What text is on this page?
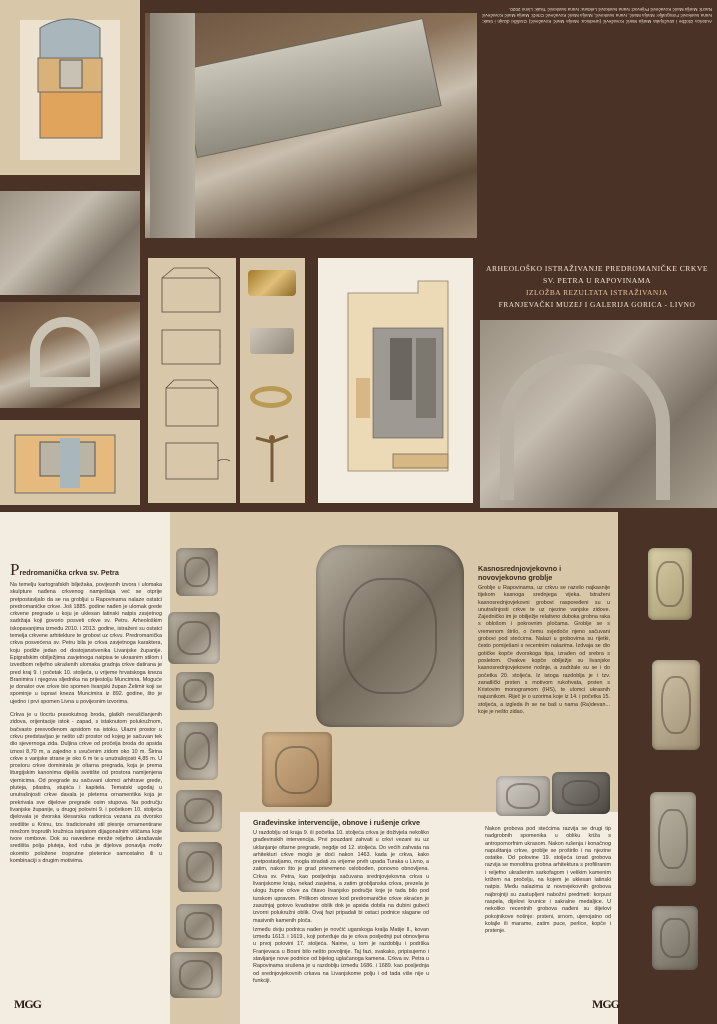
Autorica izložbe i stručnjaka Marija Marić Kovačević (urednica: Marija Marić Kovačević) Grafički dizajn i tisak: Ivana Ivanković Fotografije: Marija Marić, Ivana Ivanković, Marija Marić Kovačević Crteži: Marija Marić Kovačević Nacrti: Marija Marić Kovačević Prijevod: Ivana Ivanković Lektura: Ivana Ivanković Tisak: Livno 2020.
ARHEOLOŠKO ISTRAŽIVANJE PREDROMANIČKE CRKVE
SV. PETRA U RAPOVINAMA
IZLOŽBA REZULTATA ISTRAŽIVANJA
FRANJEVAČKI MUZEJ I GALERIJA GORICA - LIVNO
Predromanička crkva sv. Petra

Na temelju kartografskih bilježaka, povijesnih izvora i ulomaka skulpture nađena crkvenog namještaja već se otprije pretpostavljalo da se na grobljui u Rapovinama nalaze ostatci predromaničke crkve. Još 1885. godine nađen je ulomak grede crkvene pregrade u koju je uklesan latinski natpis zavjetnog sadržaja koji govorio posveti crkve sv. Petru. Arheološkim iskopavanjima između 2010. i 2013. godine, istraženi su ostatci temelja crkvene arhitekture te grobovi uz crkvu. Predromanička crkva posvećena sv. Petru bila je crkva zavjetnoga karaktera, koju podiže jedan od dostojanstvenika Livanjske županije. Epigrafskim obilježjima zavjetnoga natpisa te ukrasnim stilom i izvedbom reljefno ukrašenih ulomaka gradnja crkve datirana je pred kraj 9. i početak 10. stoljeća, u vrijeme hrvatskoga kneza Branimira i njegova sljednika na prijestolju Muncimira. Moguće je donator ove crkve bio spomen livanjski župan Želimir koji se spominje u ispravi kneza Muncimira iz 892. godine, što je ujedno i prvi spomen Livna u povijesnim izvorima.

Crkva je u tlocrtu pravokutnog broda, glatkih neraščlanjenih zidova, orijentacije istok - zapad, s istaknutom polukružnom, bačvasto presvođenom apsidom na istoku. Ulazni prostor u crkvu predstavljao je nešto uži prostor od kojeg je sačuvan tek dio sjevernoga zida. Duljina crkve od pročelja broda do apsida iznosi 8,70 m, a zajedno s uvučenim zidom oko 10 m. Širina crkve s vanjske strane je oko 6 m te u unutrašnjosti 4,85 m. U prostoru crkve dominirala je oltarna pregrada, koja je prema liturgijskim kanonima dijelila svetište od prostora namijenjena vjernicima. Od pregrade su sačuvani ulomci arhitrave grede, pluteja, pilastra, stupića i kapitela. Tematski ugođaj u unutrašnjosti crkve davala je pleterna ornamentika koja je prekrivala sve dijelove pregrade osim stupova. Na području livanjske županije, u drugoj polovini 9. i početkom 10. stoljeća djelovala je dvorska klesarska radionica vezana za dvorsko središte u Kninu, tzv. tradicionalni stil plesnje ornamentirane mrežom troprutih kružnica isinjatom dijagonalnim vitičama koje tvore rombove. Dok su navedene mreže reljefno ukrašavale središta polja pluteja, kod ruba je dijelova ponavlja motiv okomito položene troprutne pletenice samostalno ili u kombinaciji s drugim motivima.

Kasnosrednjovjekovno i novovjekovno groblje

Groblje u Rapovinama, uz crkvu se razvilo najkasnije tijekom kasnoga srednjega vijeka. Istraženi kasnosrednjovjekovni grobovi raspoređeni su u unutrašnjosti crkve te uz njezine vanjske zidove. Zajedničko im je obilježje relativno duboka grobna raka s oblošom i pokrovnim pločama. Groblje se s vremenom širilo, o čemu svjedoče njeno sačuvani grobovi pod stećcima. Nalazi u grobovima su rijetki, često pomiješani s recentnim nalazima. Izdvaja se dio gotičke kopče dvorskoga tipa, izrađen od srebra s posletom. Ovakve kopče obilježje su livanjske kasnosrednjovjekovne nošnje, a zadržale su se i do početka 20. stoljeća. Iz istoga razdoblja je i tzv. zanatlički prsten s motivom rukohvata, prsten s Kristovim monogramom (IHS), te ulomci ukrasnih najusnikom. Riječ je o uzorima koje iz 14. i početka 15. stoljeća, a izgleda ih se ne baš u nama (Ra)devan... koje je nešto zidao.

Građevinske intervencije, obnove i rušenje crkve

U razdoblju od kraja 9. ili početka 10. stoljeća crkva je doživjela nekoliko građevinskih intervencija. Prvi pouzdani zahvati u crkvi vezani su uz uklanjanje oltarne pregrade, negdje od 12. stoljeća. Do većih zahvata na arhitekturi crkve moglo je doći nakon 1463. kada je crkva, kako pretpostavljamo, mogla stradati za vrijeme prvih upada Turaka u Livno, a zatim, nakon što je grad privremeno oslobođen, ponovno obnovljena. Crkva sv. Petra, kao posljednja sačuvana srednjovjekovna crkva u livanjskome kraju, nekad zasjetna, a zatim grobljanska crkva, prezela je ulogu župne crkve za čitavo livanjsko područje koje je tada bilo pod turskom upravom. Prilikom obnove kod predromaničke crkve skraćen je zasutnjaj gotovo kvadratne oblik dok je apsida dobila na dubini gubeći izvorni polukružni oblik. Ovaj fazi pripadali bi ostaci podnice slagane od masivnih kamenih ploča.

Između dviju podnica nađen je novčić ugarskoga kralja Matije II., kovan između 1613. i 1619., koji potvrđuje da je crkva posljednji put obnovljena u prvoj polovini 17. stoljeća. Naime, u tom je razdoblju i podrška Franjevaca u Bosni bilo nešto povoljnije. Taj fazi, svakako, pripisujemo i stavljanje nove podnice od bijelog uglačanoga kamena. Crkva sv. Petra u Rapovinama srušena je u razdoblju između 1686. i 1689. kao posljednja od srednjovjekovnih crkava na Livanjskome polju i od tada više nije u funkciji.

Nakon grobova pod stećcima razvija se drugi tip nadgrobnih spomenika u obliku križa s antropomorfnim ukrasom. Nakon rušenja i konačnog napuštanja crkve, groblje se proširilo i na njezine ostatke. Od polovine 19. stoljeća izrad grobova razvija se monolitna grobna arhitektura s profiliranim i reljefno ukrašenim sarkofagom i velikim kamenim križem na pročelju, na kojem je uklesan latinski natpis. Među nalazima iz novovjekovnih grobova najbrojniji su zastupljeni nabožni predmeti: korpusi raspela, dijelovi krunice i sakralne medaljice. U nekoliko recentnih grobova nađeni su dijelovi pokojnikove nošnje: prsteni, srnom, ujenojatno od kolajle ili marame, zatim puce, perlice, kopče i prstenje.

MGG	MGG
